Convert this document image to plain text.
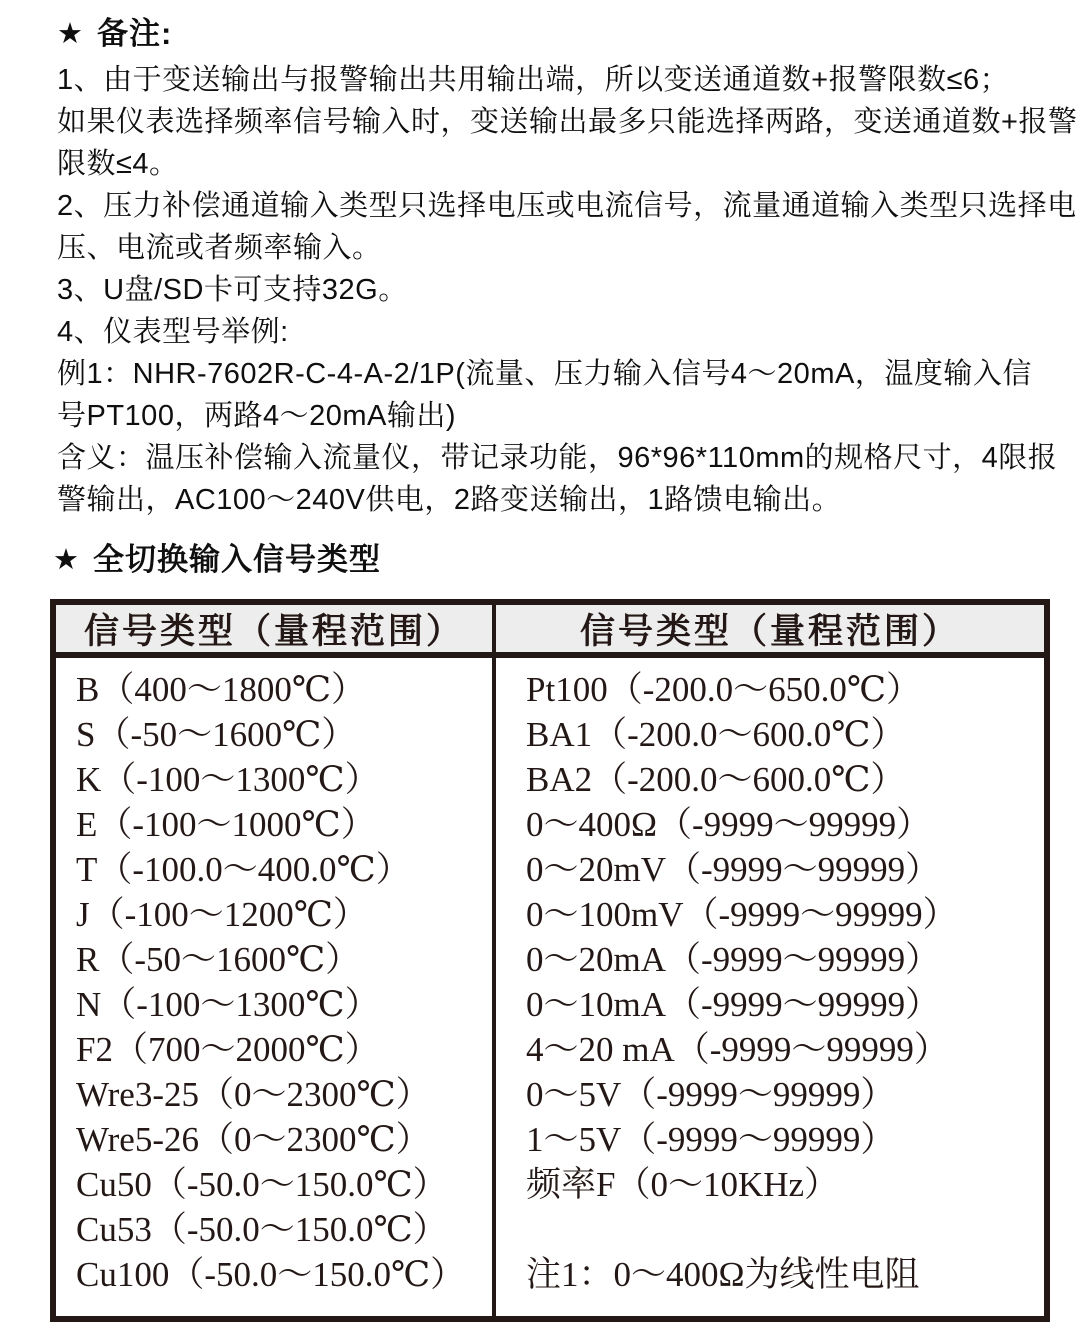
★ 备注:
1、由于变送输出与报警输出共用输出端，所以变送通道数+报警限数≤6；
如果仪表选择频率信号输入时，变送输出最多只能选择两路，变送通道数+报警
限数≤4。
2、压力补偿通道输入类型只选择电压或电流信号，流量通道输入类型只选择电
压、电流或者频率输入。
3、U盘/SD卡可支持32G。
4、仪表型号举例:
例1：NHR-7602R-C-4-A-2/1P(流量、压力输入信号4～20mA，温度输入信
号PT100，两路4～20mA输出)
含义：温压补偿输入流量仪，带记录功能，96*96*110mm的规格尺寸，4限报
警输出，AC100～240V供电，2路变送输出，1路馈电输出。
★ 全切换输入信号类型
信号类型（量程范围）	信号类型（量程范围）
B（400～1800℃）
S（-50～1600℃）
K（-100～1300℃）
E（-100～1000℃）
T（-100.0～400.0℃）
J（-100～1200℃）
R（-50～1600℃）
N（-100～1300℃）
F2（700～2000℃）
Wre3-25（0～2300℃）
Wre5-26（0～2300℃）
Cu50（-50.0～150.0℃）
Cu53（-50.0～150.0℃）
Cu100（-50.0～150.0℃）
Pt100（-200.0～650.0℃）
BA1（-200.0～600.0℃）
BA2（-200.0～600.0℃）
0～400Ω（-9999～99999）
0～20mV（-9999～99999）
0～100mV（-9999～99999）
0～20mA（-9999～99999）
0～10mA（-9999～99999）
4～20 mA（-9999～99999）
0～5V（-9999～99999）
1～5V（-9999～99999）
频率F（0～10KHz）
注1：0～400Ω为线性电阻
